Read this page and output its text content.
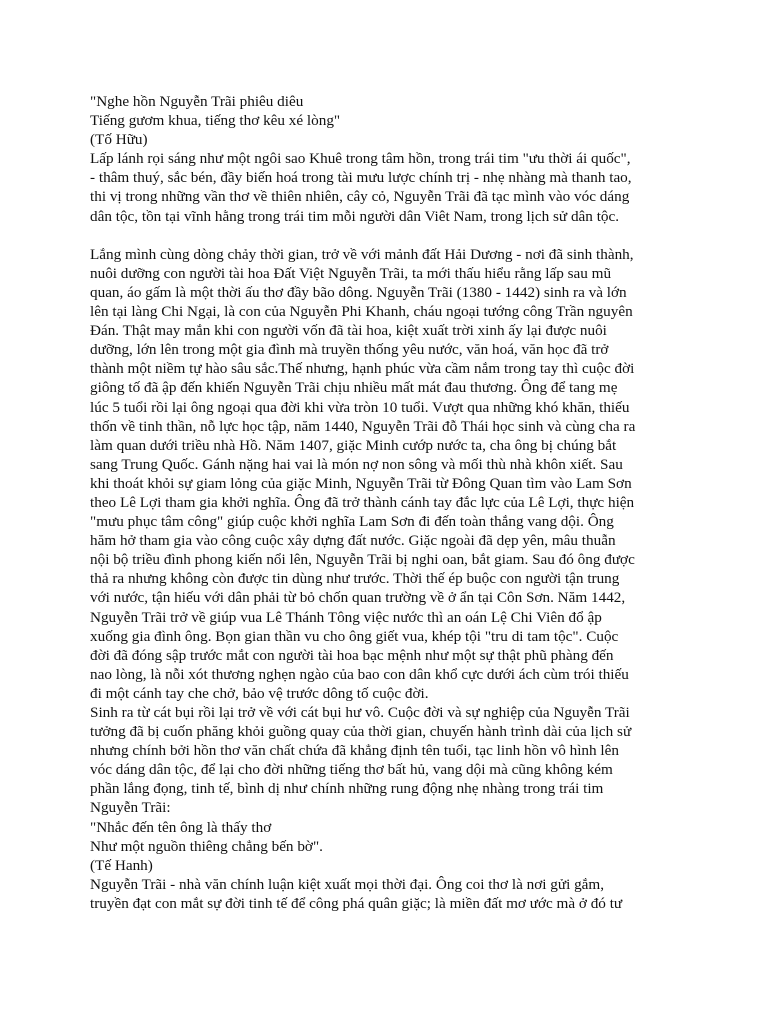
"Nghe hồn Nguyễn Trãi phiêu diêu
Tiếng gươm khua, tiếng thơ kêu xé lòng"
(Tố Hữu)
Lấp lánh rọi sáng như một ngôi sao Khuê trong tâm hồn, trong trái tim "ưu thời ái quốc",
- thâm thuý, sắc bén, đầy biến hoá trong tài mưu lược chính trị - nhẹ nhàng mà thanh tao,
thi vị trong những vần thơ về thiên nhiên, cây cỏ, Nguyễn Trãi đã tạc mình vào vóc dáng
dân tộc, tồn tại vĩnh hằng trong trái tim mỗi người dân Viêt Nam, trong lịch sử dân tộc.
Lắng mình cùng dòng chảy thời gian, trở về với mảnh đất Hải Dương - nơi đã sinh thành,
nuôi dưỡng con người tài hoa Đất Việt Nguyễn Trãi, ta mới thấu hiểu rằng lấp sau mũ
quan, áo gấm là một thời ấu thơ đầy bão dông. Nguyễn Trãi (1380 - 1442) sinh ra và lớn
lên tại làng Chi Ngại, là con của Nguyễn Phi Khanh, cháu ngoại tướng công Trần nguyên
Đán. Thật may mắn khi con người vốn đã tài hoa, kiệt xuất trời xinh ấy lại được nuôi
dưỡng, lớn lên trong một gia đình mà truyền thống yêu nước, văn hoá, văn học đã trở
thành một niềm tự hào sâu sắc.Thế nhưng, hạnh phúc vừa cầm nắm trong tay thì cuộc đời
giông tố đã ập đến khiến Nguyễn Trãi chịu nhiều mất mát đau thương. Ông để tang mẹ
lúc 5 tuổi rồi lại ông ngoại qua đời khi vừa tròn 10 tuổi. Vượt qua những khó khăn, thiếu
thốn về tinh thần, nỗ lực học tập, năm 1440, Nguyễn Trãi đỗ Thái học sinh và cùng cha ra
làm quan dưới triều nhà Hồ. Năm 1407, giặc Minh cướp nước ta, cha ông bị chúng bắt
sang Trung Quốc. Gánh nặng hai vai là món nợ non sông và mối thù nhà khôn xiết. Sau
khi thoát khỏi sự giam lỏng của giặc Minh, Nguyễn Trãi từ Đông Quan tìm vào Lam Sơn
theo Lê Lợi tham gia khởi nghĩa. Ông đã trở thành cánh tay đắc lực của Lê Lợi, thực hiện
"mưu phục tâm công" giúp cuộc khởi nghĩa Lam Sơn đi đến toàn thắng vang dội. Ông
hăm hở tham gia vào công cuộc xây dựng đất nước. Giặc ngoài đã dẹp yên, mâu thuẫn
nội bộ triều đình phong kiến nổi lên, Nguyễn Trãi bị nghi oan, bắt giam. Sau đó ông được
thả ra nhưng không còn được tin dùng như trước. Thời thế ép buộc con người tận trung
với nước, tận hiếu với dân phải từ bỏ chốn quan trường về ở ẩn tại Côn Sơn. Năm 1442,
Nguyễn Trãi trở về giúp vua Lê Thánh Tông việc nước thì an oán Lệ Chi Viên đổ ập
xuống gia đình ông. Bọn gian thần vu cho ông giết vua, khép tội "tru di tam tộc". Cuộc
đời đã đóng sập trước mắt con người tài hoa bạc mệnh như một sự thật phũ phàng đến
nao lòng, là nỗi xót thương nghẹn ngào của bao con dân khổ cực dưới ách cùm trói thiếu
đi một cánh tay che chở, bảo vệ trước dông tố cuộc đời.
Sinh ra từ cát bụi rồi lại trở về với cát bụi hư vô. Cuộc đời và sự nghiệp của Nguyễn Trãi
tưởng đã bị cuốn phăng khỏi guồng quay của thời gian, chuyến hành trình dài của lịch sử
nhưng chính bởi hồn thơ văn chất chứa đã khẳng định tên tuổi, tạc linh hồn vô hình lên
vóc dáng dân tộc, để lại cho đời những tiếng thơ bất hủ, vang dội mà cũng không kém
phần lắng đọng, tinh tế, bình dị như chính những rung động nhẹ nhàng trong trái tim
Nguyễn Trãi:
"Nhắc đến tên ông là thấy thơ
Như một nguồn thiêng chẳng bến bờ".
(Tế Hanh)
Nguyễn Trãi - nhà văn chính luận kiệt xuất mọi thời đại. Ông coi thơ là nơi gửi gắm,
truyền đạt con mắt sự đời tinh tế để công phá quân giặc; là miền đất mơ ước mà ở đó tư
